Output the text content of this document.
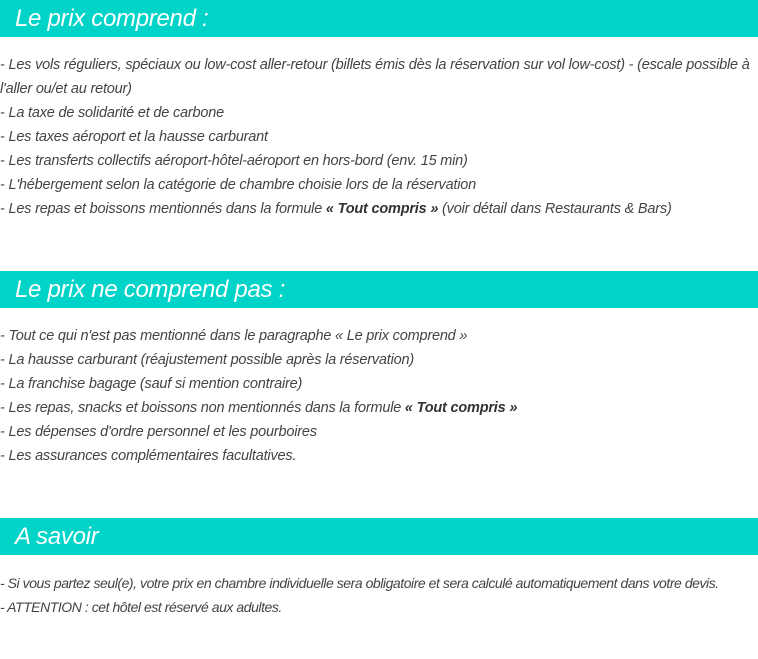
Le prix comprend :

- Les vols réguliers, spéciaux ou low-cost aller-retour (billets émis dès la réservation sur vol low-cost) - (escale possible à l'aller ou/et au retour)

- La taxe de solidarité et de carbone

- Les taxes aéroport et la hausse carburant

- Les transferts collectifs aéroport-hôtel-aéroport en hors-bord (env. 15 min)

- L'hébergement selon la catégorie de chambre choisie lors de la réservation

- Les repas et boissons mentionnés dans la formule « Tout compris » (voir détail dans Restaurants & Bars)

Le prix ne comprend pas :

- Tout ce qui n'est pas mentionné dans le paragraphe « Le prix comprend »

- La hausse carburant (réajustement possible après la réservation)

- La franchise bagage (sauf si mention contraire)

- Les repas, snacks et boissons non mentionnés dans la formule « Tout compris »

- Les dépenses d'ordre personnel et les pourboires

- Les assurances complémentaires facultatives.

A savoir

- Si vous partez seul(e), votre prix en chambre individuelle sera obligatoire et sera calculé automatiquement dans votre devis.

- ATTENTION : cet hôtel est réservé aux adultes.
